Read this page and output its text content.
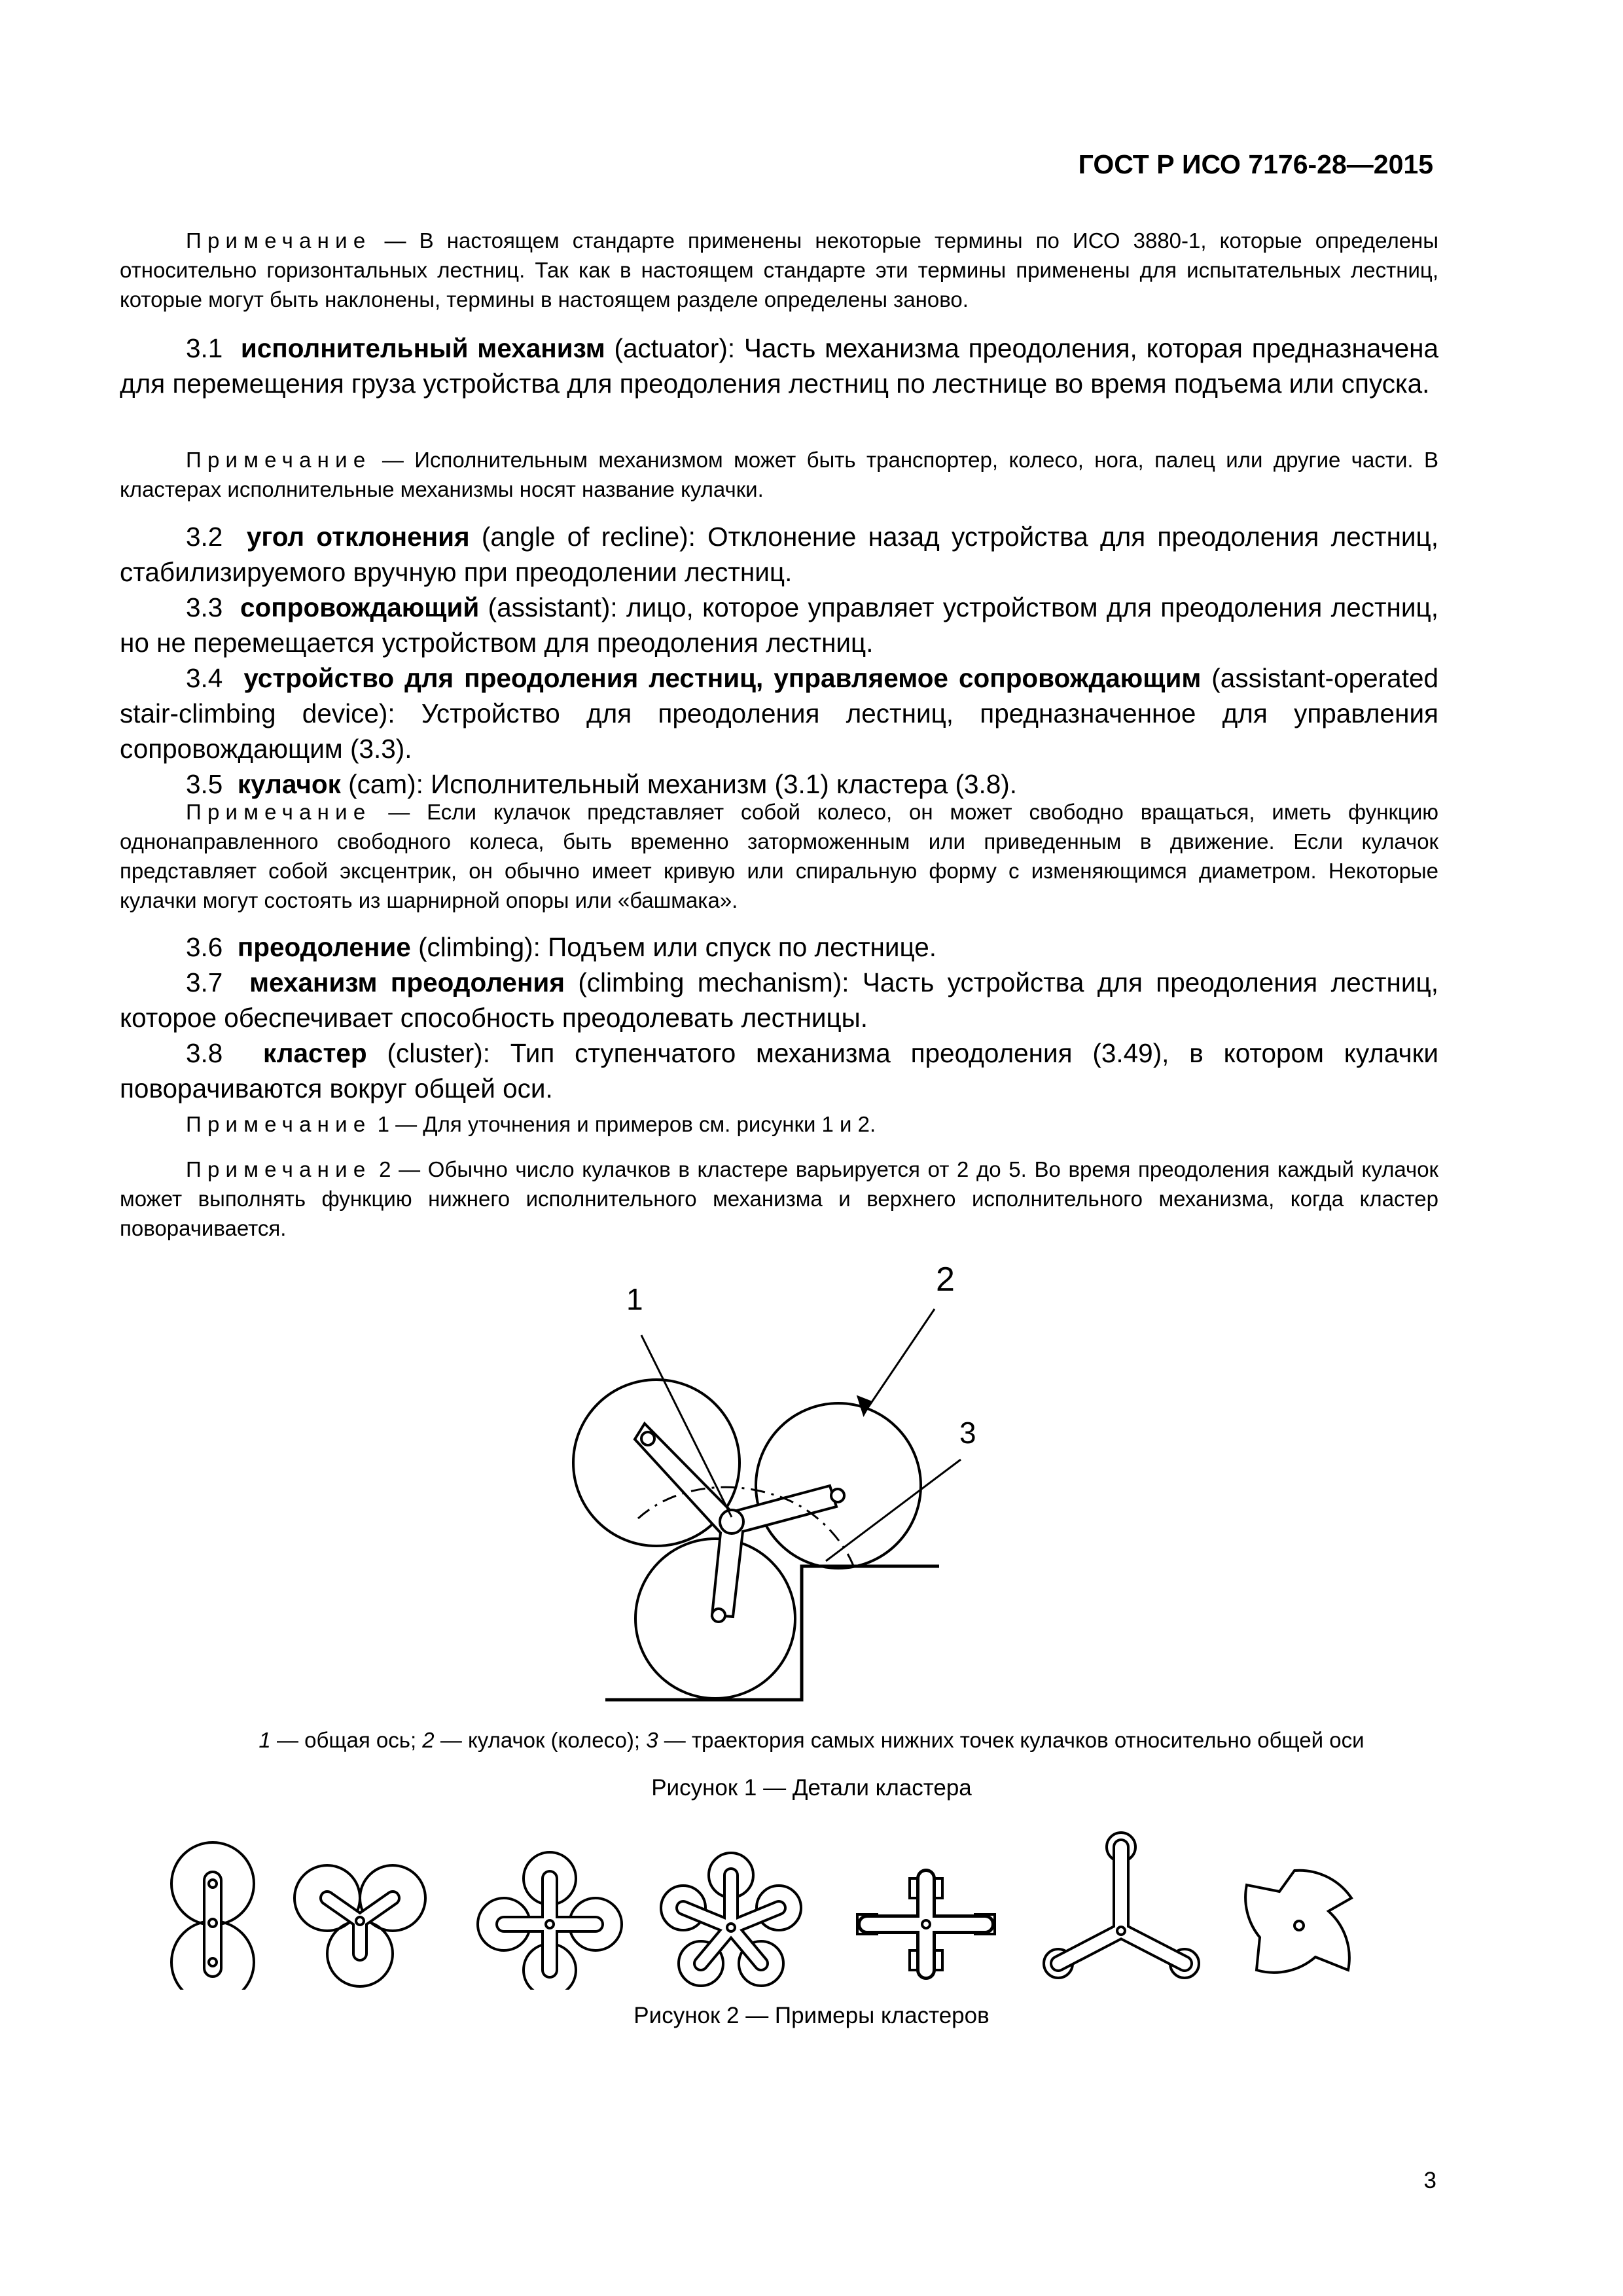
ГОСТ Р ИСО 7176-28—2015

Примечание — В настоящем стандарте применены некоторые термины по ИСО 3880-1, которые определены относительно горизонтальных лестниц. Так как в настоящем стандарте эти термины применены для испытательных лестниц, которые могут быть наклонены, термины в настоящем разделе определены заново.

3.1 исполнительный механизм (actuator): Часть механизма преодоления, которая предназначена для перемещения груза устройства для преодоления лестниц по лестнице во время подъема или спуска.

Примечание — Исполнительным механизмом может быть транспортер, колесо, нога, палец или другие части. В кластерах исполнительные механизмы носят название кулачки.

3.2 угол отклонения (angle of recline): Отклонение назад устройства для преодоления лестниц, стабилизируемого вручную при преодолении лестниц.

3.3 сопровождающий (assistant): лицо, которое управляет устройством для преодоления лестниц, но не перемещается устройством для преодоления лестниц.

3.4 устройство для преодоления лестниц, управляемое сопровождающим (assistant-operated stair-climbing device): Устройство для преодоления лестниц, предназначенное для управления сопровождающим (3.3).

3.5 кулачок (cam): Исполнительный механизм (3.1) кластера (3.8).

Примечание — Если кулачок представляет собой колесо, он может свободно вращаться, иметь функцию однонаправленного свободного колеса, быть временно заторможенным или приведенным в движение. Если кулачок представляет собой эксцентрик, он обычно имеет кривую или спиральную форму с изменяющимся диаметром. Некоторые кулачки могут состоять из шарнирной опоры или «башмака».

3.6 преодоление (climbing): Подъем или спуск по лестнице.

3.7 механизм преодоления (climbing mechanism): Часть устройства для преодоления лестниц, которое обеспечивает способность преодолевать лестницы.

3.8 кластер (cluster): Тип ступенчатого механизма преодоления (3.49), в котором кулачки поворачиваются вокруг общей оси.

Примечание 1 — Для уточнения и примеров см. рисунки 1 и 2.

Примечание 2 — Обычно число кулачков в кластере варьируется от 2 до 5. Во время преодоления каждый кулачок может выполнять функцию нижнего исполнительного механизма и верхнего исполнительного механизма, когда кластер поворачивается.

1
2
3
1 — общая ось; 2 — кулачок (колесо); 3 — траектория самых нижних точек кулачков относительно общей оси
Рисунок 1 — Детали кластера
Рисунок 2 — Примеры кластеров
3
